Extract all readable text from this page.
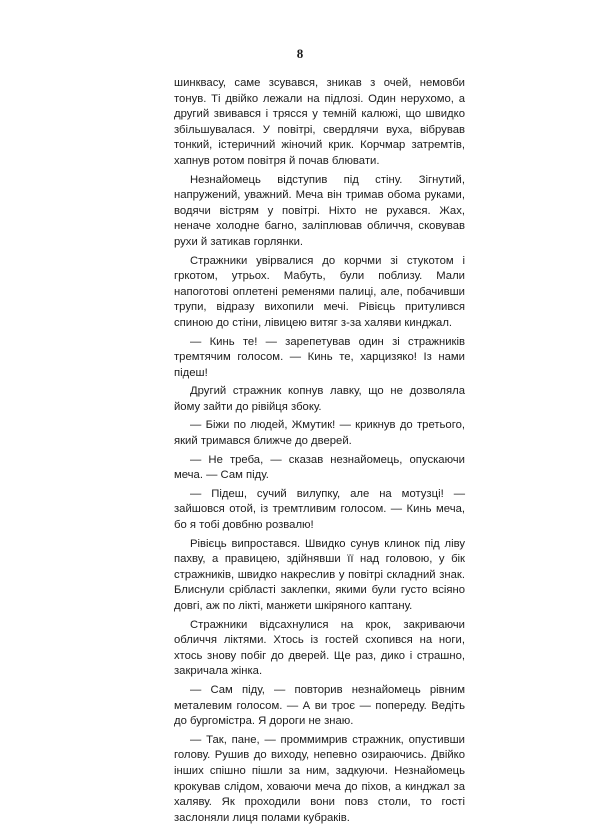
8

шинквасу, саме зсувався, зникав з очей, немовби тонув. Ті двійко лежали на підлозі. Один нерухомо, а другий звивався і трясся у темній калюжі, що швидко збільшувалася. У повітрі, свердлячи вуха, вібрував тонкий, істеричний жіночий крик. Корчмар затремтів, хапнув ротом повітря й почав блювати.

Незнайомець відступив під стіну. Зігнутий, напружений, уважний. Меча він тримав обома руками, водячи вістрям у повітрі. Ніхто не рухався. Жах, неначе холодне багно, заліплював обличчя, сковував рухи й затикав горлянки.

Стражники увірвалися до корчми зі стукотом і гркотом, утрьох. Мабуть, були поблизу. Мали напоготові оплетені ременями палиці, але, побачивши трупи, відразу вихопили мечі. Рівієць притулився спиною до стіни, лівицею витяг з-за халяви кинджал.

— Кинь те! — зарепетував один зі стражників тремтячим голосом. — Кинь те, харцизяко! Із нами підеш!

Другий стражник копнув лавку, що не дозволяла йому зайти до рівійця збоку.

— Біжи по людей, Жмутик! — крикнув до третього, який тримався ближче до дверей.

— Не треба, — сказав незнайомець, опускаючи меча. — Сам піду.

— Підеш, сучий вилупку, але на мотузці! — зайшовся отой, із тремтливим голосом. — Кинь меча, бо я тобі довбню розвалю!

Рівієць випростався. Швидко сунув клинок під ліву пахву, а правицею, здійнявши її над головою, у бік стражників, швидко накреслив у повітрі складний знак. Блиснули срібласті заклепки, якими були густо всіяно довгі, аж по лікті, манжети шкіряного каптану.

Стражники відсахнулися на крок, закриваючи обличчя ліктями. Хтось із гостей схопився на ноги, хтось знову побіг до дверей. Ще раз, дико і страшно, закричала жінка.

— Сам піду, — повторив незнайомець рівним металевим голосом. — А ви троє — попереду. Ведіть до бургомістра. Я дороги не знаю.

— Так, пане, — проммимрив стражник, опустивши голову. Рушив до виходу, непевно озираючись. Двійко інших спішно пішли за ним, задкуючи. Незнайомець крокував слідом, ховаючи меча до піхов, а кинджал за халяву. Як проходили вони повз столи, то гості заслоняли лиця полами кубраків.
